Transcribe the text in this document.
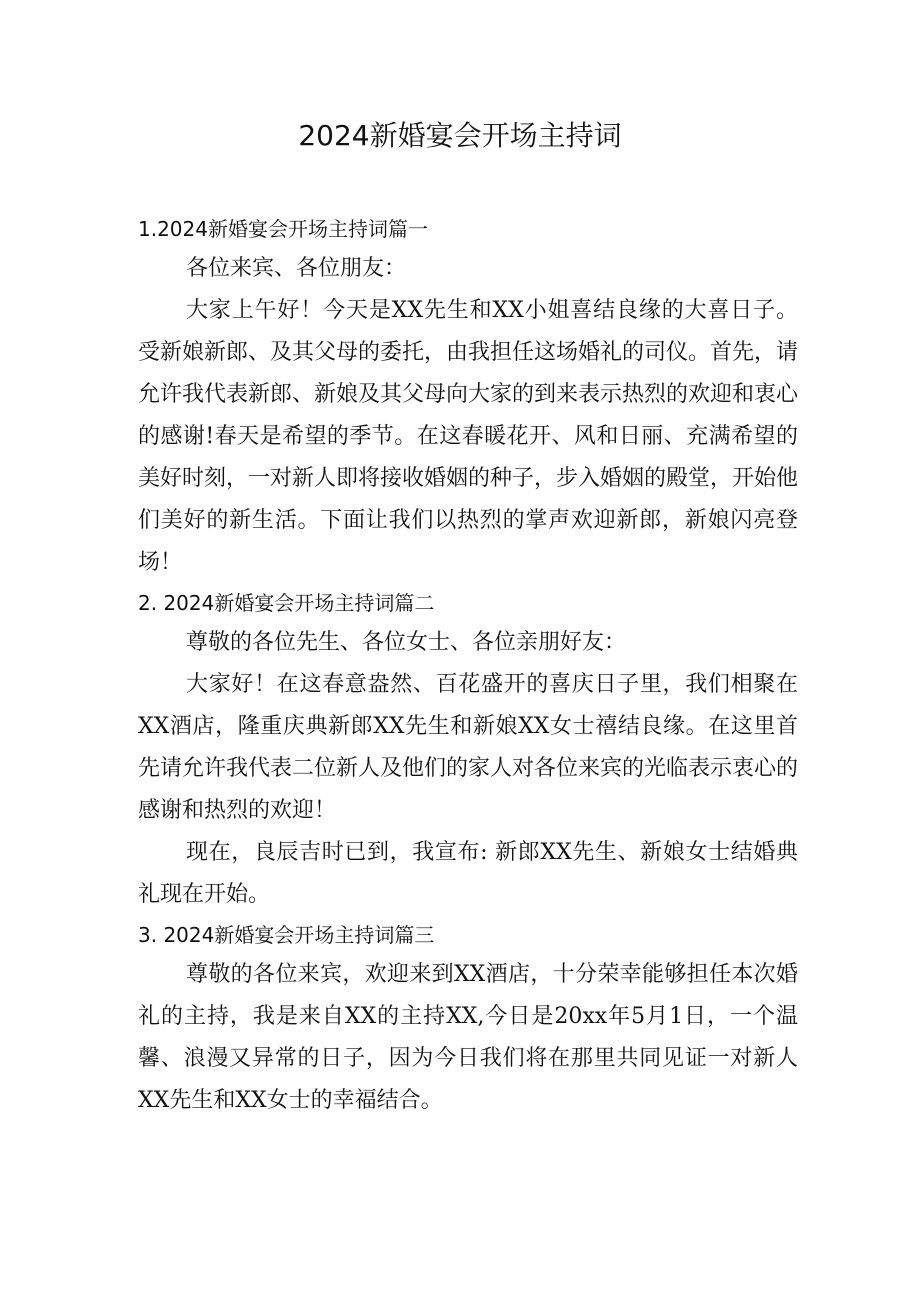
2024新婚宴会开场主持词
1.2024新婚宴会开场主持词篇一

各位来宾、各位朋友：

大家上午好！今天是XX先生和XX小姐喜结良缘的大喜日子。受新娘新郎、及其父母的委托，由我担任这场婚礼的司仪。首先，请允许我代表新郎、新娘及其父母向大家的到来表示热烈的欢迎和衷心的感谢!春天是希望的季节。在这春暖花开、风和日丽、充满希望的美好时刻，一对新人即将接收婚姻的种子，步入婚姻的殿堂，开始他们美好的新生活。下面让我们以热烈的掌声欢迎新郎，新娘闪亮登场！

2. 2024新婚宴会开场主持词篇二

尊敬的各位先生、各位女士、各位亲朋好友：

大家好！在这春意盎然、百花盛开的喜庆日子里，我们相聚在XX酒店，隆重庆典新郎XX先生和新娘XX女士禧结良缘。在这里首先请允许我代表二位新人及他们的家人对各位来宾的光临表示衷心的感谢和热烈的欢迎！

现在，良辰吉时已到，我宣布: 新郎XX先生、新娘女士结婚典礼现在开始。

3. 2024新婚宴会开场主持词篇三

尊敬的各位来宾，欢迎来到XX酒店，十分荣幸能够担任本次婚礼的主持，我是来自XX的主持XX,今日是20xx年5月1日，一个温馨、浪漫又异常的日子，因为今日我们将在那里共同见证一对新人XX先生和XX女士的幸福结合。
